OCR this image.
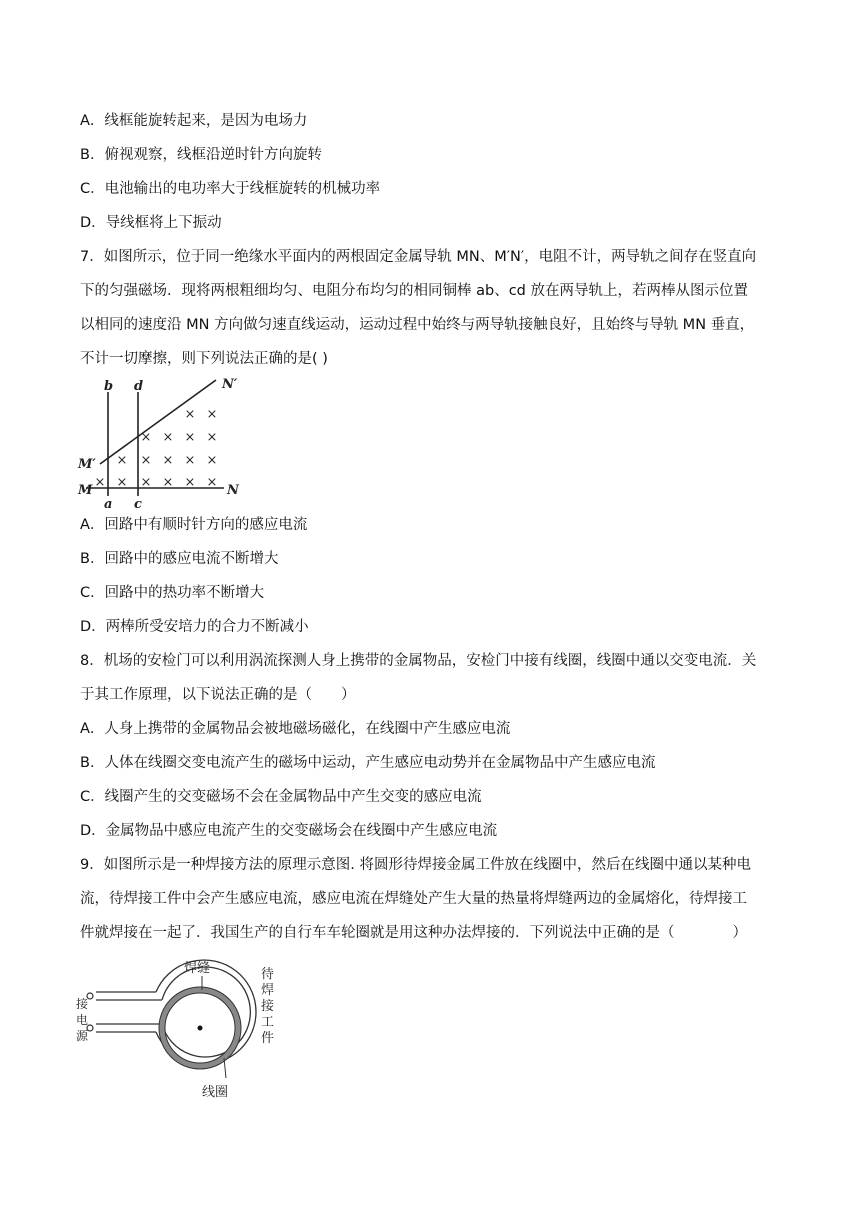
A．线框能旋转起来，是因为电场力
B．俯视观察，线框沿逆时针方向旋转
C．电池输出的电功率大于线框旋转的机械功率
D．导线框将上下振动
7．如图所示，位于同一绝缘水平面内的两根固定金属导轨 MN、M′N′，电阻不计，两导轨之间存在竖直向
下的匀强磁场．现将两根粗细均匀、电阻分布均匀的相同铜棒 ab、cd 放在两导轨上，若两棒从图示位置
以相同的速度沿 MN 方向做匀速直线运动，运动过程中始终与两导轨接触良好，且始终与导轨 MN 垂直，
不计一切摩擦，则下列说法正确的是( )
× × × × × ×
× × × × ×
× × × ×
× ×
b d	N′
M′
M	N
a c
A．回路中有顺时针方向的感应电流
B．回路中的感应电流不断增大
C．回路中的热功率不断增大
D．两棒所受安培力的合力不断减小
8．机场的安检门可以利用涡流探测人身上携带的金属物品，安检门中接有线圈，线圈中通以交变电流．关
于其工作原理，以下说法正确的是（　　）
A．人身上携带的金属物品会被地磁场磁化，在线圈中产生感应电流
B．人体在线圈交变电流产生的磁场中运动，产生感应电动势并在金属物品中产生感应电流
C．线圈产生的交变磁场不会在金属物品中产生交变的感应电流
D．金属物品中感应电流产生的交变磁场会在线圈中产生感应电流
9．如图所示是一种焊接方法的原理示意图. 将圆形待焊接金属工件放在线圈中，然后在线圈中通以某种电
流，待焊接工件中会产生感应电流，感应电流在焊缝处产生大量的热量将焊缝两边的金属熔化，待焊接工
件就焊接在一起了．我国生产的自行车车轮圈就是用这种办法焊接的．下列说法中正确的是（　　　　）
焊缝	待
焊
接
工
件
接
电
源
线圈
